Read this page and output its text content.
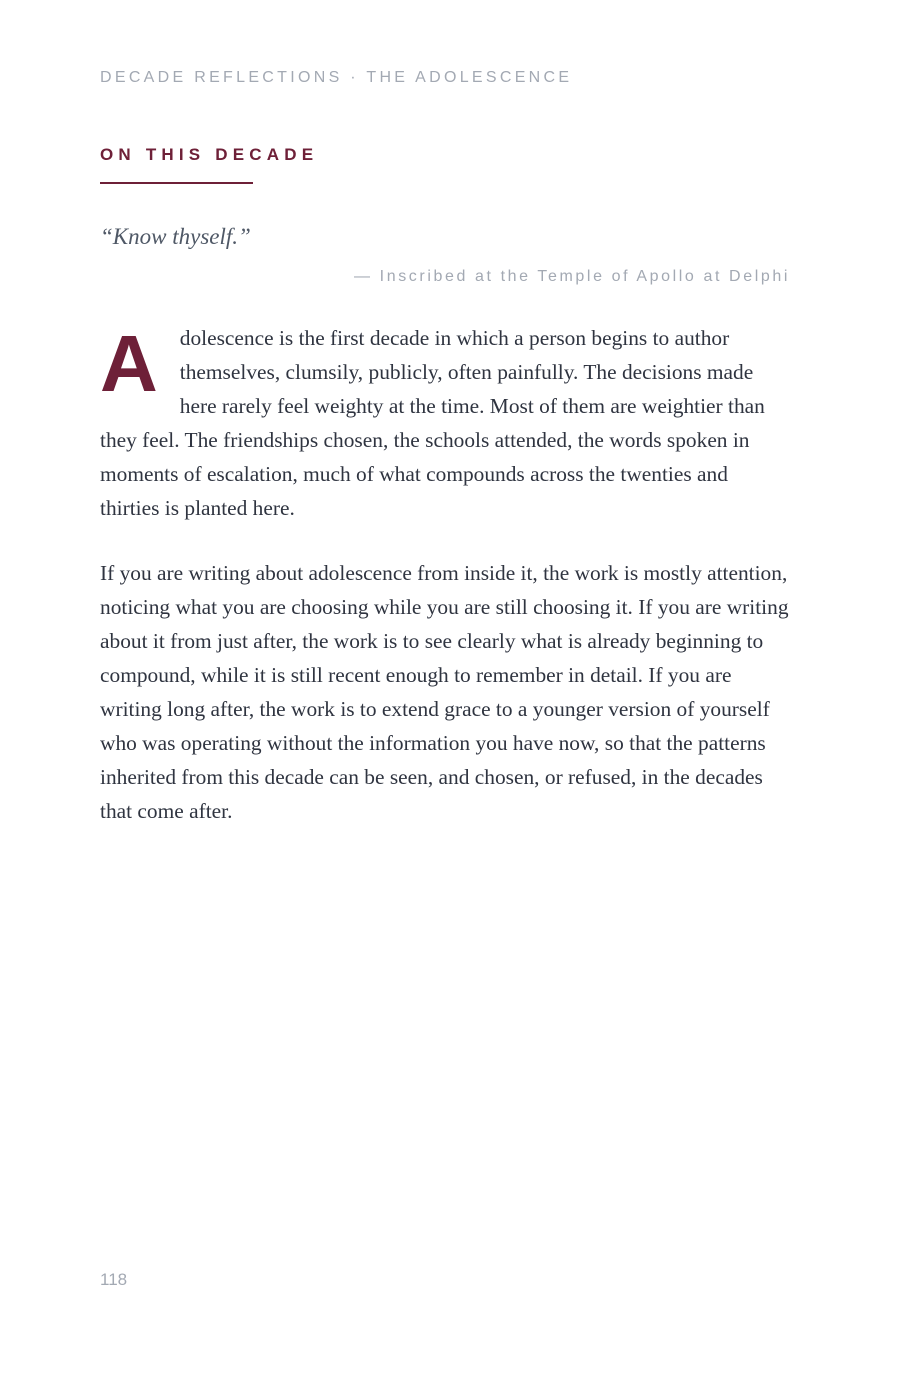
DECADE REFLECTIONS · THE ADOLESCENCE
ON THIS DECADE
“Know thyself.”
— Inscribed at the Temple of Apollo at Delphi

A dolescence is the first decade in which a person begins to author themselves, clumsily, publicly, often painfully. The decisions made here rarely feel weighty at the time. Most of them are weightier than they feel. The friendships chosen, the schools attended, the words spoken in moments of escalation, much of what compounds across the twenties and thirties is planted here.

If you are writing about adolescence from inside it, the work is mostly attention, noticing what you are choosing while you are still choosing it. If you are writing about it from just after, the work is to see clearly what is already beginning to compound, while it is still recent enough to remember in detail. If you are writing long after, the work is to extend grace to a younger version of yourself who was operating without the information you have now, so that the patterns inherited from this decade can be seen, and chosen, or refused, in the decades that come after.

118
